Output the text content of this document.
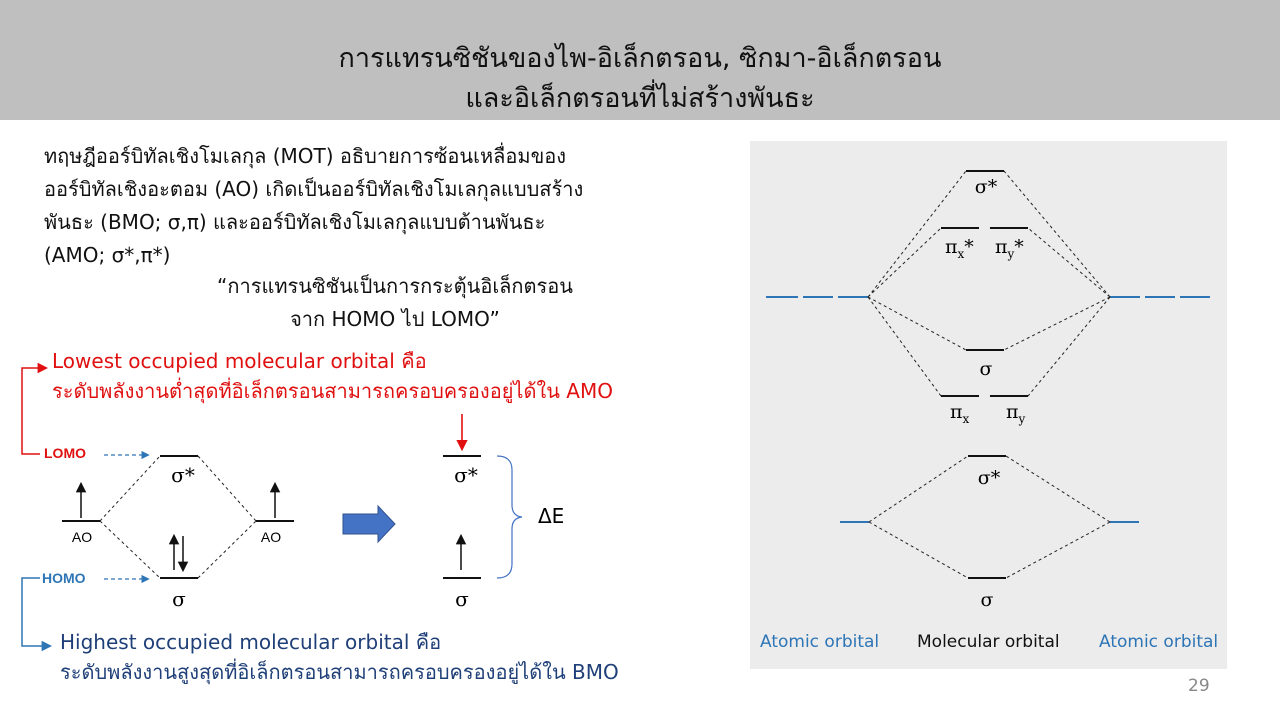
การแทรนซิชันของไพ-อิเล็กตรอน, ซิกมา-อิเล็กตรอน
และอิเล็กตรอนที่ไม่สร้างพันธะ
ทฤษฎีออร์บิทัลเชิงโมเลกุล (MOT) อธิบายการซ้อนเหลื่อมของ
ออร์บิทัลเชิงอะตอม (AO) เกิดเป็นออร์บิทัลเชิงโมเลกุลแบบสร้าง
พันธะ (BMO; σ,π) และออร์บิทัลเชิงโมเลกุลแบบต้านพันธะ
(AMO; σ*,π*)
“การแทรนซิชันเป็นการกระตุ้นอิเล็กตรอน
จาก HOMO ไป LOMO”
Lowest occupied molecular orbital คือ
ระดับพลังงานต่ำสุดที่อิเล็กตรอนสามารถครอบครองอยู่ได้ใน AMO
Highest occupied molecular orbital คือ
ระดับพลังงานสูงสุดที่อิเล็กตรอนสามารถครอบครองอยู่ได้ใน BMO
LOMO
HOMO
Atomic orbital Molecular orbital Atomic orbital
σ*
σ
AO	AO
σ*
σ
ΔE
σ*
$\pi_x*$ $\pi_y*$
σ
$\pi_x$ $\pi_y$
σ*
σ
29
